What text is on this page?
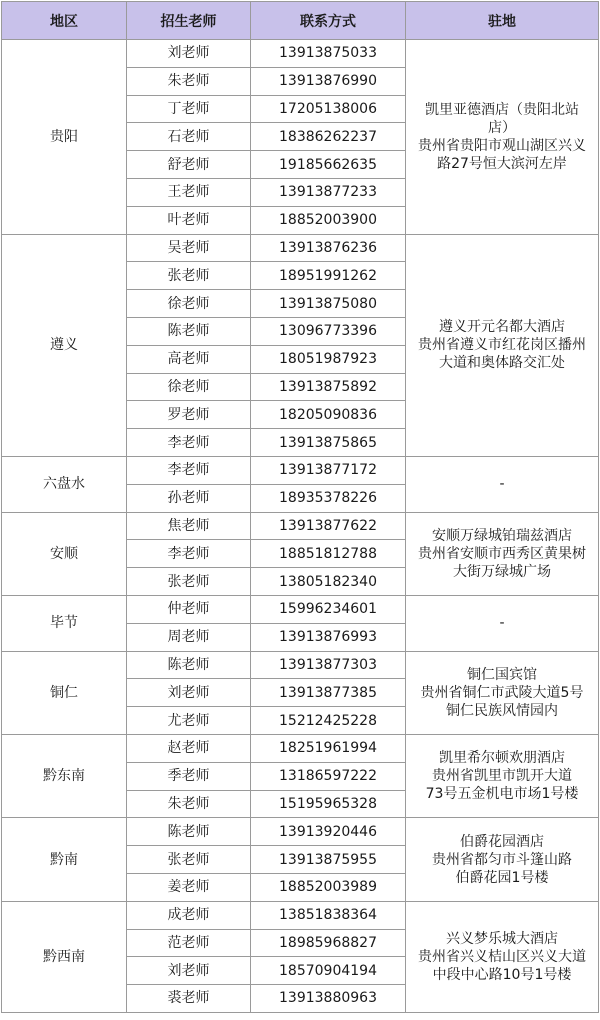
地区	招生老师	联系方式	驻地
贵阳	刘老师	13913875033	凯里亚德酒店（贵阳北站
店）
贵州省贵阳市观山湖区兴义
路27号恒大滨河左岸

	朱老师	13913876990	
	丁老师	17205138006	
	石老师	18386262237	
	舒老师	19185662635	
	王老师	13913877233	
	叶老师	18852003900	
遵义	吴老师	13913876236	遵义开元名都大酒店
贵州省遵义市红花岗区播州
大道和奥体路交汇处

	张老师	18951991262	
	徐老师	13913875080	
	陈老师	13096773396	
	高老师	18051987923	
	徐老师	13913875892	
	罗老师	18205090836	
	李老师	13913875865	
六盘水	李老师	13913877172	-

	孙老师	18935378226	
安顺	焦老师	13913877622	安顺万绿城铂瑞兹酒店
贵州省安顺市西秀区黄果树
大街万绿城广场

	李老师	18851812788	
	张老师	13805182340	
毕节	仲老师	15996234601	-

	周老师	13913876993	
铜仁	陈老师	13913877303	铜仁国宾馆
贵州省铜仁市武陵大道5号
铜仁民族风情园内

	刘老师	13913877385	
	尤老师	15212425228	
黔东南	赵老师	18251961994	凯里希尔顿欢朋酒店
贵州省凯里市凯开大道
73号五金机电市场1号楼

	季老师	13186597222	
	朱老师	15195965328	
黔南	陈老师	13913920446	伯爵花园酒店
贵州省都匀市斗篷山路
伯爵花园1号楼

	张老师	13913875955	
	姜老师	18852003989	
黔西南	成老师	13851838364	兴义梦乐城大酒店
贵州省兴义桔山区兴义大道
中段中心路10号1号楼

	范老师	18985968827	
	刘老师	18570904194	
	裘老师	13913880963	
